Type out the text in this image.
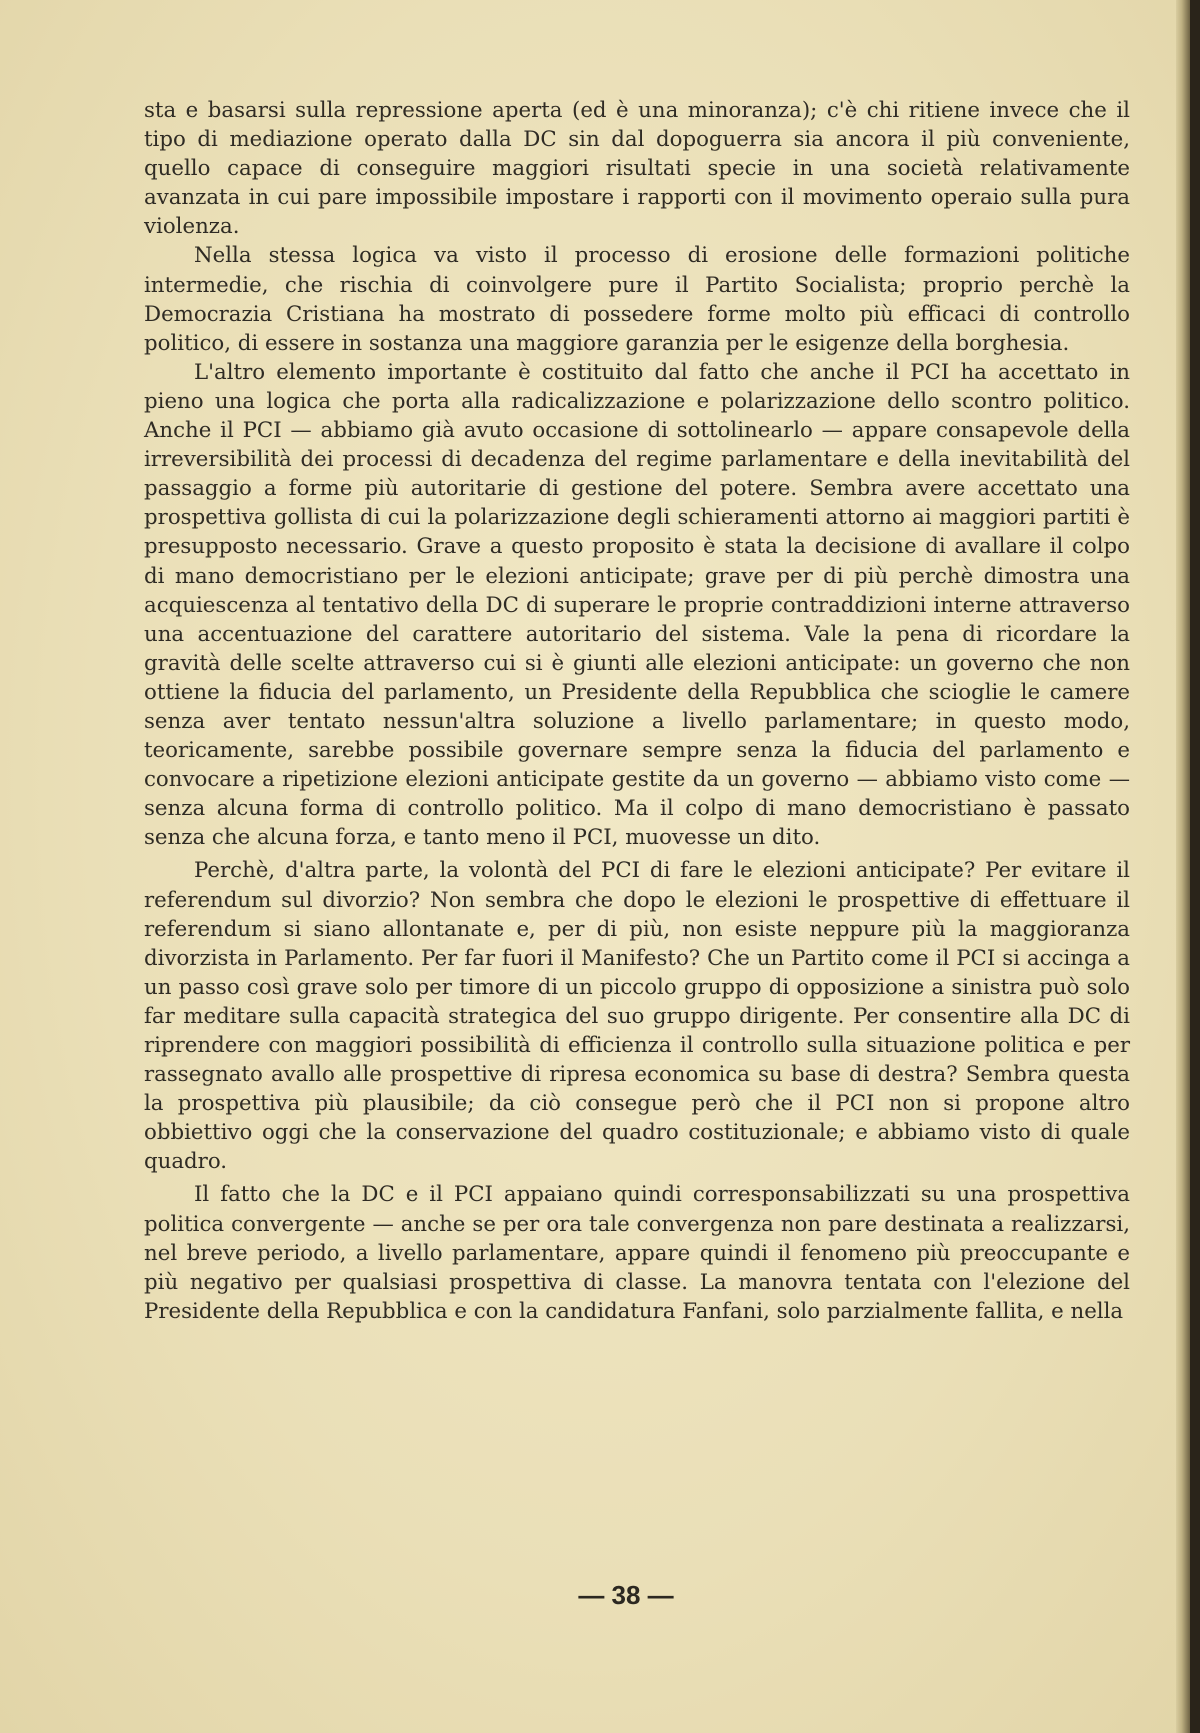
sta e basarsi sulla repressione aperta (ed è una minoranza); c'è chi ritiene invece che il tipo di mediazione operato dalla DC sin dal dopoguerra sia ancora il più conveniente, quello capace di conseguire maggiori risultati specie in una società relativamente avanzata in cui pare impossibile impostare i rapporti con il movimento operaio sulla pura violenza.

Nella stessa logica va visto il processo di erosione delle formazioni politiche intermedie, che rischia di coinvolgere pure il Partito Socialista; proprio perchè la Democrazia Cristiana ha mostrato di possedere forme molto più efficaci di controllo politico, di essere in sostanza una maggiore garanzia per le esigenze della borghesia.

L'altro elemento importante è costituito dal fatto che anche il PCI ha accettato in pieno una logica che porta alla radicalizzazione e polarizzazione dello scontro politico. Anche il PCI — abbiamo già avuto occasione di sottolinearlo — appare consapevole della irreversibilità dei processi di decadenza del regime parlamentare e della inevitabilità del passaggio a forme più autoritarie di gestione del potere. Sembra avere accettato una prospettiva gollista di cui la polarizzazione degli schieramenti attorno ai maggiori partiti è presupposto necessario. Grave a questo proposito è stata la decisione di avallare il colpo di mano democristiano per le elezioni anticipate; grave per di più perchè dimostra una acquiescenza al tentativo della DC di superare le proprie contraddizioni interne attraverso una accentuazione del carattere autoritario del sistema. Vale la pena di ricordare la gravità delle scelte attraverso cui si è giunti alle elezioni anticipate: un governo che non ottiene la fiducia del parlamento, un Presidente della Repubblica che scioglie le camere senza aver tentato nessun'altra soluzione a livello parlamentare; in questo modo, teoricamente, sarebbe possibile governare sempre senza la fiducia del parlamento e convocare a ripetizione elezioni anticipate gestite da un governo — abbiamo visto come — senza alcuna forma di controllo politico. Ma il colpo di mano democristiano è passato senza che alcuna forza, e tanto meno il PCI, muovesse un dito.

Perchè, d'altra parte, la volontà del PCI di fare le elezioni anticipate? Per evitare il referendum sul divorzio? Non sembra che dopo le elezioni le prospettive di effettuare il referendum si siano allontanate e, per di più, non esiste neppure più la maggioranza divorzista in Parlamento. Per far fuori il Manifesto? Che un Partito come il PCI si accinga a un passo così grave solo per timore di un piccolo gruppo di opposizione a sinistra può solo far meditare sulla capacità strategica del suo gruppo dirigente. Per consentire alla DC di riprendere con maggiori possibilità di efficienza il controllo sulla situazione politica e per rassegnato avallo alle prospettive di ripresa economica su base di destra? Sembra questa la prospettiva più plausibile; da ciò consegue però che il PCI non si propone altro obbiettivo oggi che la conservazione del quadro costituzionale; e abbiamo visto di quale quadro.

Il fatto che la DC e il PCI appaiano quindi corresponsabilizzati su una prospettiva politica convergente — anche se per ora tale convergenza non pare destinata a realizzarsi, nel breve periodo, a livello parlamentare, appare quindi il fenomeno più preoccupante e più negativo per qualsiasi prospettiva di classe. La manovra tentata con l'elezione del Presidente della Repubblica e con la candidatura Fanfani, solo parzialmente fallita, e nella

— 38 —
